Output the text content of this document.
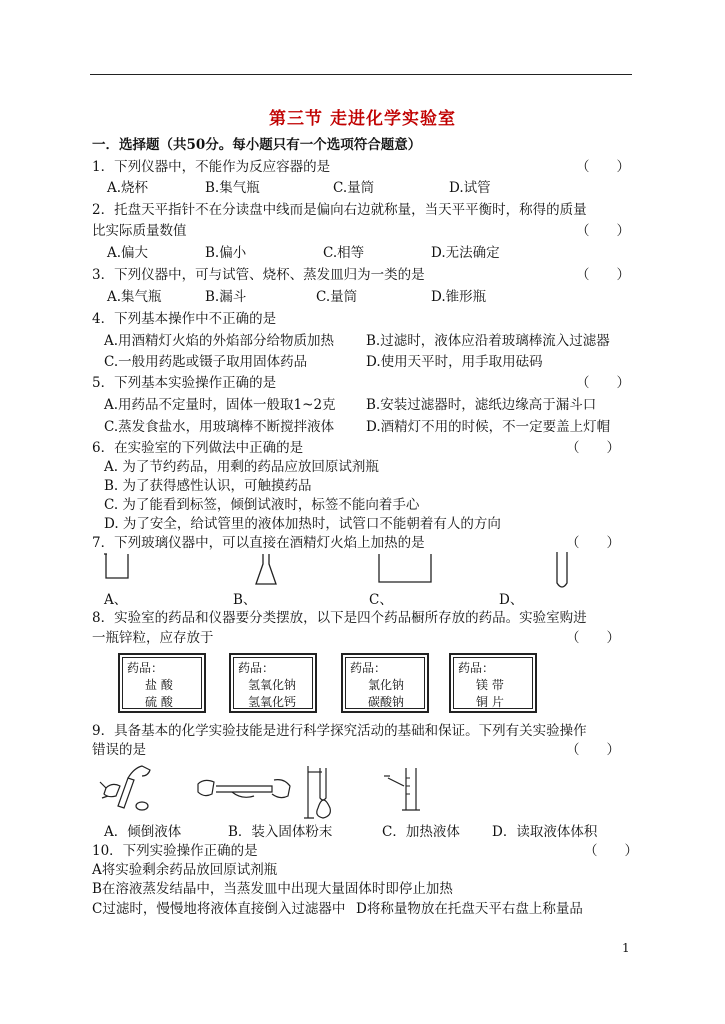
第三节 走进化学实验室
一．选择题（共50分。每小题只有一个选项符合题意）
1．下列仪器中，不能作为反应容器的是	（　　）
A.烧杯	B.集气瓶	C.量筒	D.试管
2．托盘天平指针不在分读盘中线而是偏向右边就称量，当天平平衡时，称得的质量
比实际质量数值	（　　）
A.偏大	B.偏小	C.相等	D.无法确定
3．下列仪器中，可与试管、烧杯、蒸发皿归为一类的是	（　　）
A.集气瓶	B.漏斗	C.量筒	D.锥形瓶
4．下列基本操作中不正确的是
A.用酒精灯火焰的外焰部分给物质加热 B.过滤时，液体应沿着玻璃棒流入过滤器
C.一般用药匙或镊子取用固体药品	D.使用天平时，用手取用砝码
5．下列基本实验操作正确的是	（　　）
A.用药品不定量时，固体一般取1~2克 B.安装过滤器时，滤纸边缘高于漏斗口
C.蒸发食盐水，用玻璃棒不断搅拌液体 D.酒精灯不用的时候，不一定要盖上灯帽
6．在实验室的下列做法中正确的是	（　　）
A. 为了节约药品，用剩的药品应放回原试剂瓶
B. 为了获得感性认识，可触摸药品
C. 为了能看到标签，倾倒试液时，标签不能向着手心
D. 为了安全，给试管里的液体加热时，试管口不能朝着有人的方向
7．下列玻璃仪器中，可以直接在酒精灯火焰上加热的是	（　　）
A、	B、	C、	D、
8．实验室的药品和仪器要分类摆放，以下是四个药品橱所存放的药品。实验室购进
一瓶锌粒，应存放于	（　　）
药品：
盐 酸
硫 酸
药品：
氢氧化钠
氢氧化钙
药品：
氯化钠
碳酸钠
药品：
镁 带
铜 片
9．具备基本的化学实验技能是进行科学探究活动的基础和保证。下列有关实验操作
错误的是	（　　）
A．倾倒液体	B．装入固体粉末	C．加热液体 D．读取液体体积
10．下列实验操作正确的是	（　　）
A将实验剩余药品放回原试剂瓶
B在溶液蒸发结晶中，当蒸发皿中出现大量固体时即停止加热
C过滤时，慢慢地将液体直接倒入过滤器中 D将称量物放在托盘天平右盘上称量品
1
